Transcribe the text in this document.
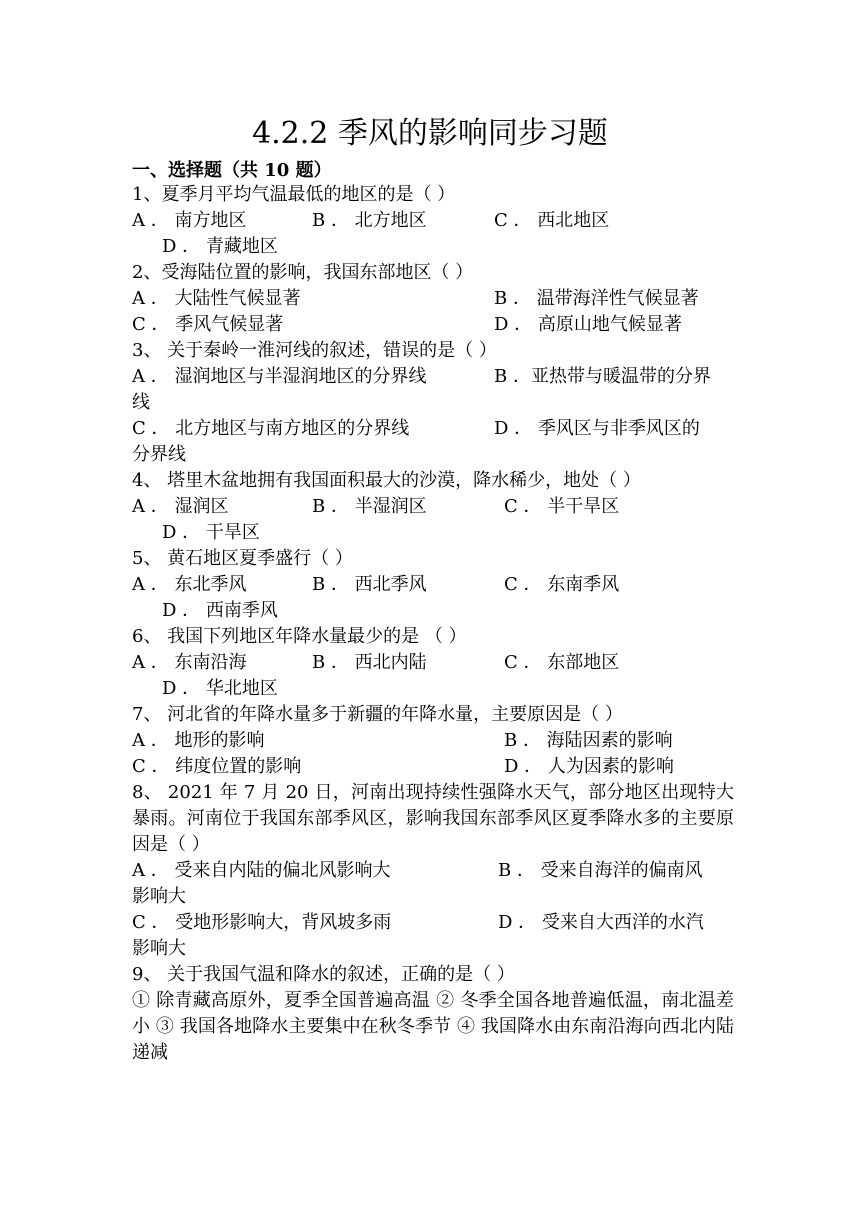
4.2.2 季风的影响同步习题
一、选择题（共 10 题）
1、夏季月平均气温最低的地区的是（ ）
A ． 南方地区	B ． 北方地区	C ． 西北地区
D ． 青藏地区
2、受海陆位置的影响，我国东部地区（ ）
A ． 大陆性气候显著	B ． 温带海洋性气候显著
C ． 季风气候显著	D ． 高原山地气候显著
3、 关于秦岭一淮河线的叙述，错误的是（ ）
A ． 湿润地区与半湿润地区的分界线	B ．亚热带与暖温带的分界
线
C ． 北方地区与南方地区的分界线	D ． 季风区与非季风区的
分界线
4、 塔里木盆地拥有我国面积最大的沙漠，降水稀少，地处（ ）
A ． 湿润区	B ． 半湿润区	C ． 半干旱区
D ． 干旱区
5、 黄石地区夏季盛行（ ）
A ． 东北季风	B ． 西北季风	C ． 东南季风
D ． 西南季风
6、 我国下列地区年降水量最少的是 （ ）
A ． 东南沿海	B ． 西北内陆	C ． 东部地区
D ． 华北地区
7、 河北省的年降水量多于新疆的年降水量，主要原因是（ ）
A ． 地形的影响	B ． 海陆因素的影响
C ． 纬度位置的影响	D ． 人为因素的影响
8、 2021 年 7 月 20 日，河南出现持续性强降水天气，部分地区出现特大暴雨。河南位于我国东部季风区，影响我国东部季风区夏季降水多的主要原因是（ ）
A ． 受来自内陆的偏北风影响大	B ． 受来自海洋的偏南风
影响大
C ． 受地形影响大，背风坡多雨	D ． 受来自大西洋的水汽
影响大
9、 关于我国气温和降水的叙述，正确的是（ ）
① 除青藏高原外，夏季全国普遍高温 ② 冬季全国各地普遍低温，南北温差小 ③ 我国各地降水主要集中在秋冬季节 ④ 我国降水由东南沿海向西北内陆递减
